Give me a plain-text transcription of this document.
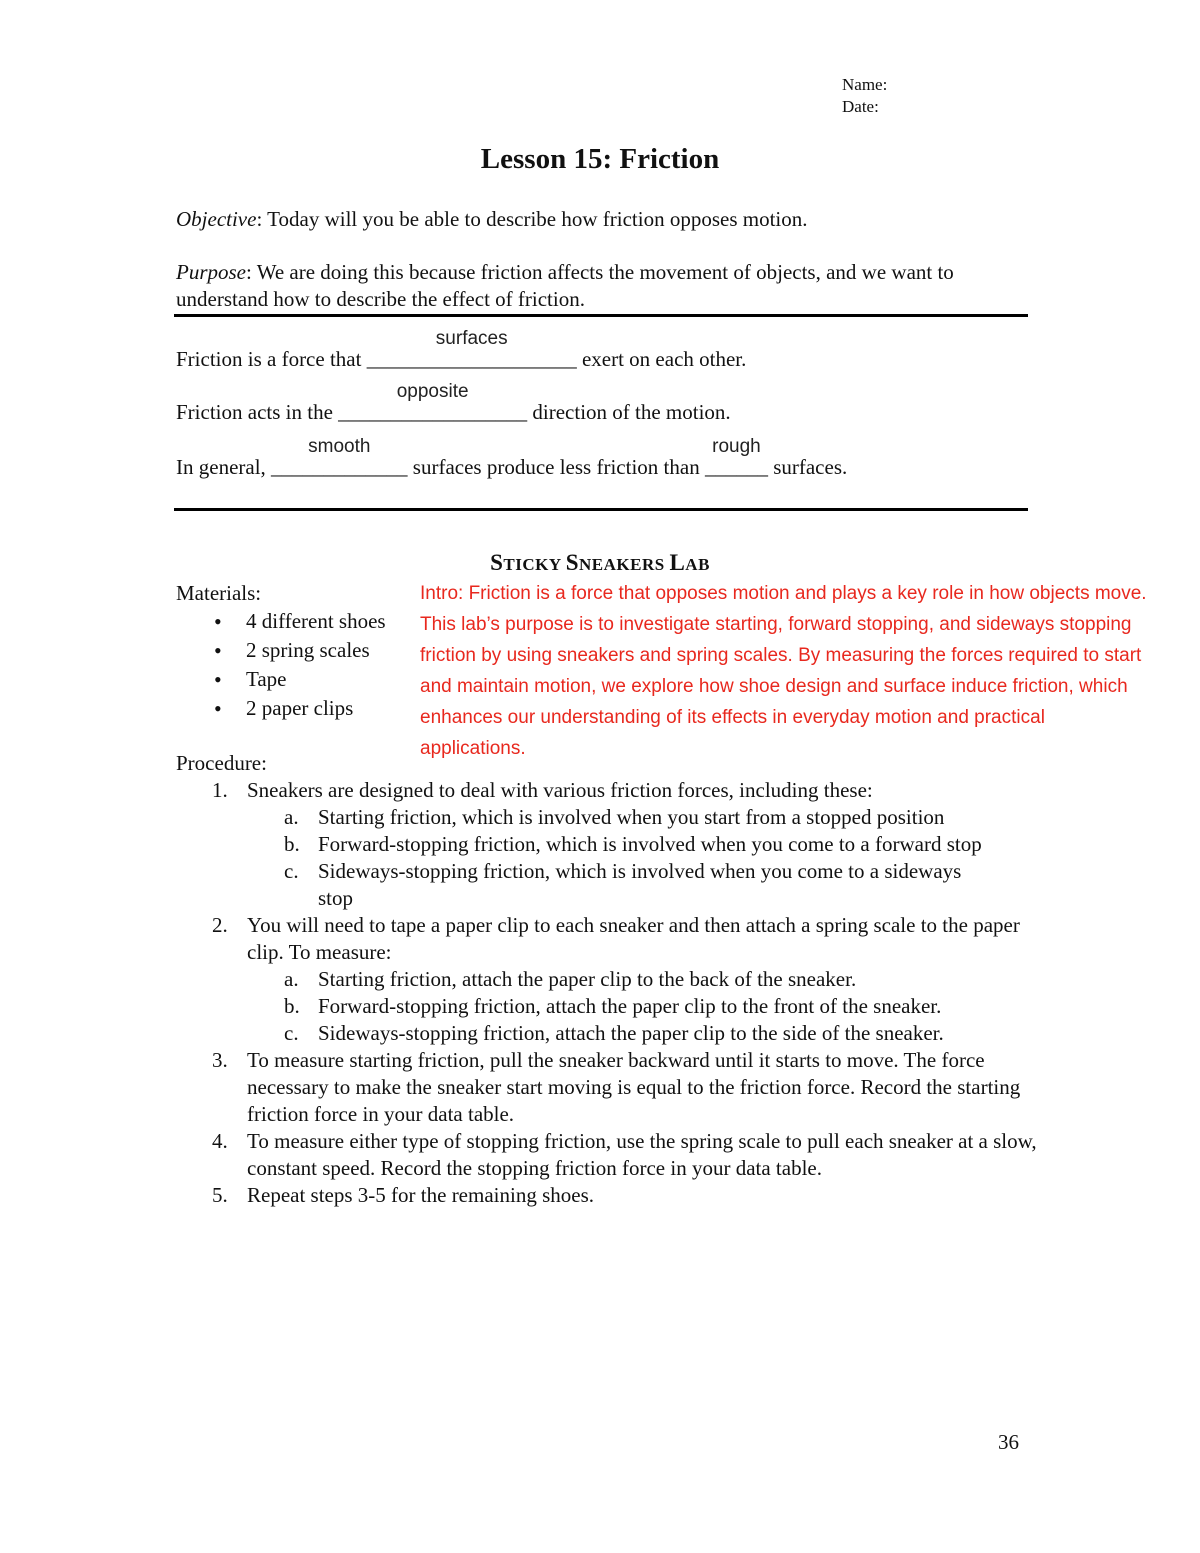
Name:
Date:
Lesson 15: Friction
Objective: Today will you be able to describe how friction opposes motion.
Purpose: We are doing this because friction affects the movement of objects, and we want to understand how to describe the effect of friction.
Friction is a force that ____________________
surfaces
exert on each other.
Friction acts in the __________________
opposite
direction of the motion.
In general, _____________
smooth
surfaces produce less friction than ______
rough
surfaces.
STICKY SNEAKERS LAB
Materials:
• 4 different shoes
• 2 spring scales
• Tape
• 2 paper clips
Intro: Friction is a force that opposes motion and plays a key role in how objects move. This lab’s purpose is to investigate starting, forward stopping, and sideways stopping friction by using sneakers and spring scales. By measuring the forces required to start and maintain motion, we explore how shoe design and surface induce friction, which enhances our understanding of its effects in everyday motion and practical applications.
Procedure:
1. Sneakers are designed to deal with various friction forces, including these:
a. Starting friction, which is involved when you start from a stopped position
b. Forward-stopping friction, which is involved when you come to a forward stop
c. Sideways-stopping friction, which is involved when you come to a sideways stop
2. You will need to tape a paper clip to each sneaker and then attach a spring scale to the paper clip. To measure:
a. Starting friction, attach the paper clip to the back of the sneaker.
b. Forward-stopping friction, attach the paper clip to the front of the sneaker.
c. Sideways-stopping friction, attach the paper clip to the side of the sneaker.
3. To measure starting friction, pull the sneaker backward until it starts to move. The force necessary to make the sneaker start moving is equal to the friction force. Record the starting friction force in your data table.
4. To measure either type of stopping friction, use the spring scale to pull each sneaker at a slow, constant speed. Record the stopping friction force in your data table.
5. Repeat steps 3-5 for the remaining shoes.
36
